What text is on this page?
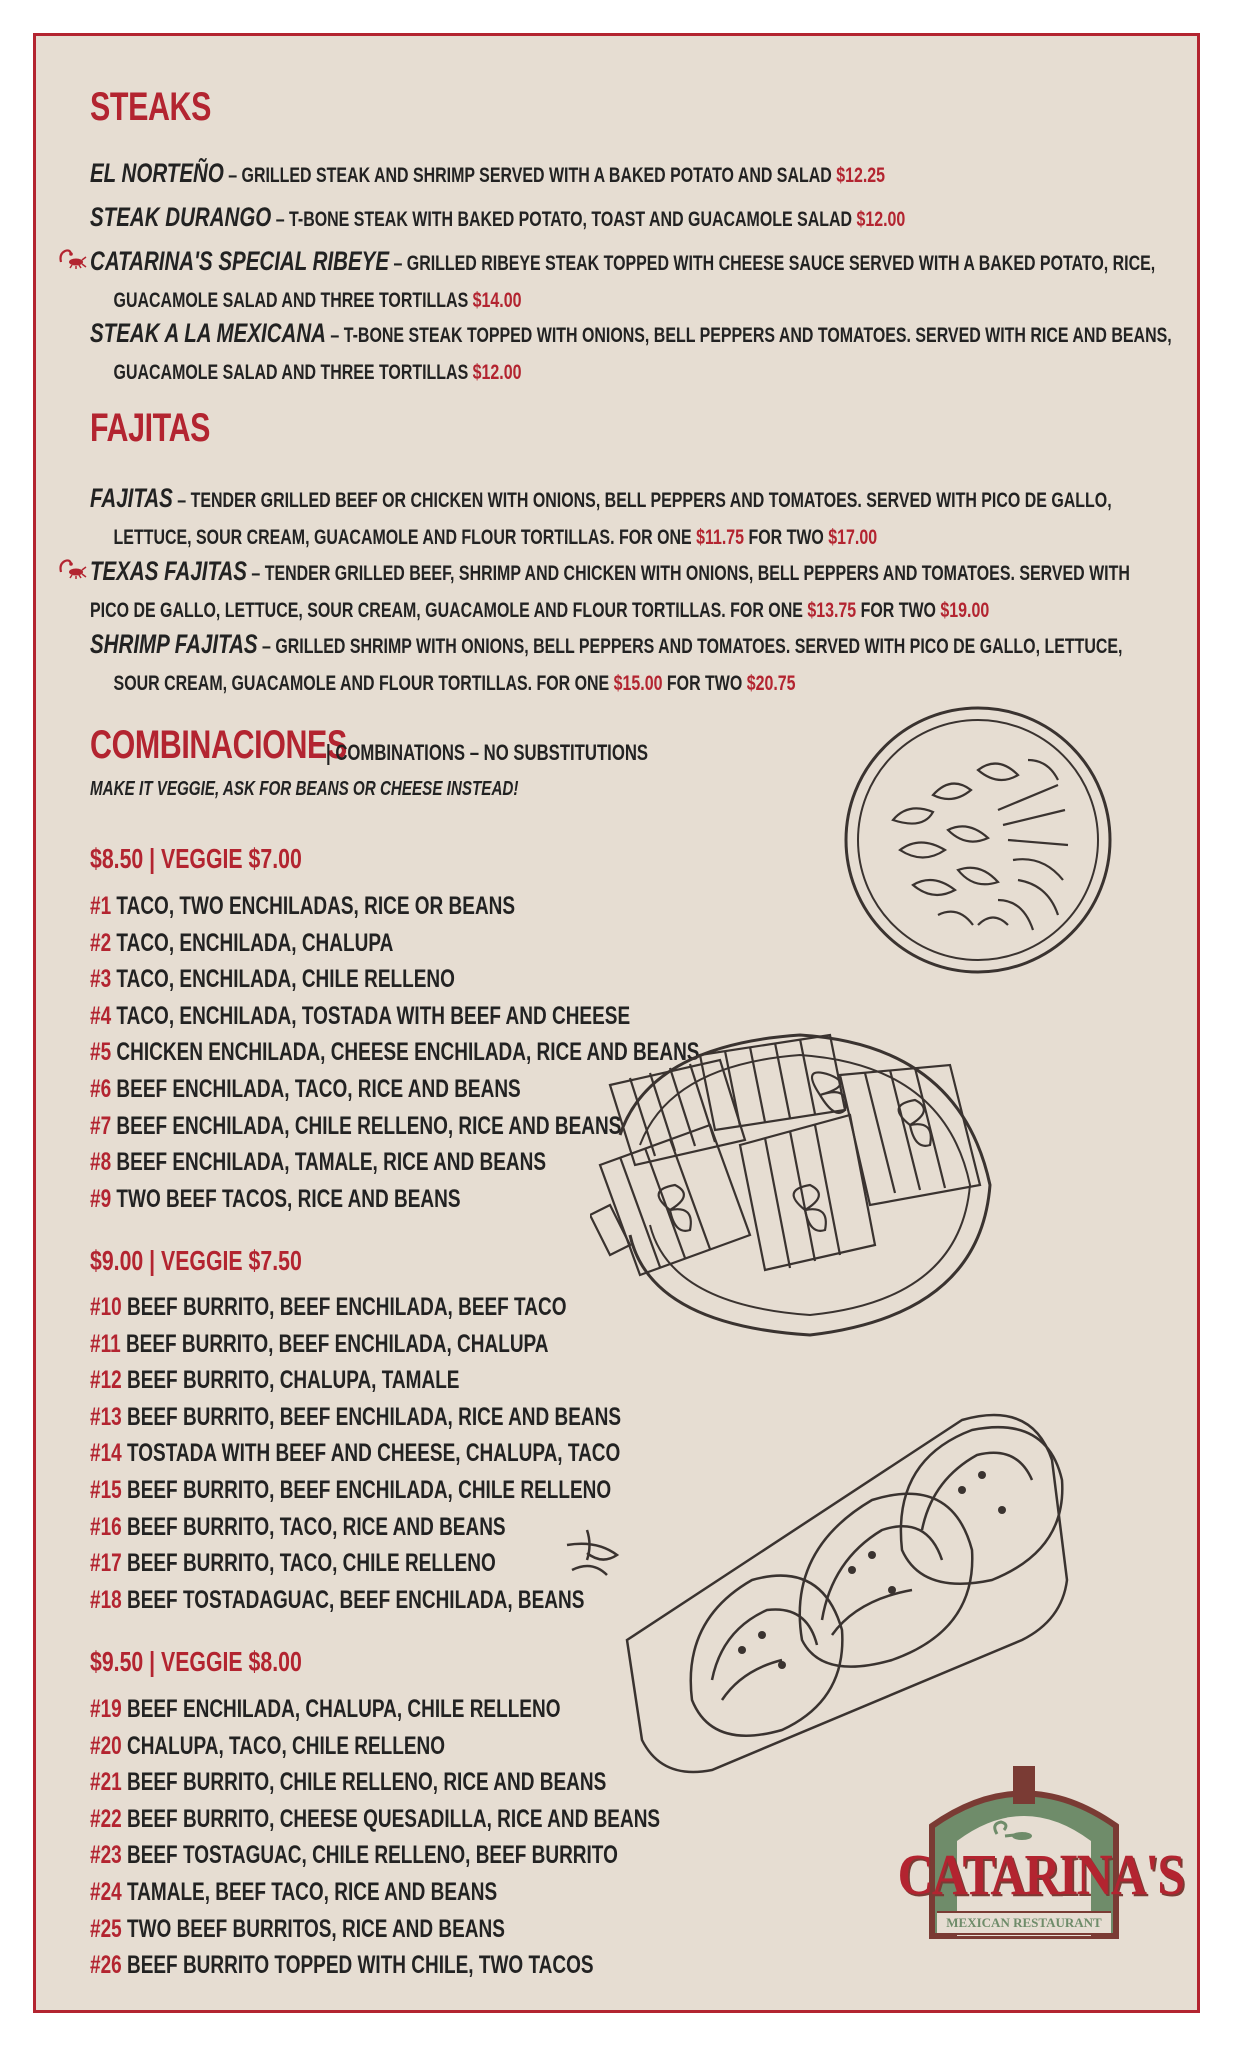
STEAKS
EL NORTEÑO – GRILLED STEAK AND SHRIMP SERVED WITH A BAKED POTATO AND SALAD $12.25
STEAK DURANGO – T-BONE STEAK WITH BAKED POTATO, TOAST AND GUACAMOLE SALAD $12.00
CATARINA'S SPECIAL RIBEYE – GRILLED RIBEYE STEAK TOPPED WITH CHEESE SAUCE SERVED WITH A BAKED POTATO, RICE,
GUACAMOLE SALAD AND THREE TORTILLAS $14.00
STEAK A LA MEXICANA – T-BONE STEAK TOPPED WITH ONIONS, BELL PEPPERS AND TOMATOES. SERVED WITH RICE AND BEANS,
GUACAMOLE SALAD AND THREE TORTILLAS $12.00
FAJITAS
FAJITAS – TENDER GRILLED BEEF OR CHICKEN WITH ONIONS, BELL PEPPERS AND TOMATOES. SERVED WITH PICO DE GALLO,
LETTUCE, SOUR CREAM, GUACAMOLE AND FLOUR TORTILLAS. FOR ONE $11.75 FOR TWO $17.00
TEXAS FAJITAS – TENDER GRILLED BEEF, SHRIMP AND CHICKEN WITH ONIONS, BELL PEPPERS AND TOMATOES. SERVED WITH
PICO DE GALLO, LETTUCE, SOUR CREAM, GUACAMOLE AND FLOUR TORTILLAS. FOR ONE $13.75 FOR TWO $19.00
SHRIMP FAJITAS – GRILLED SHRIMP WITH ONIONS, BELL PEPPERS AND TOMATOES. SERVED WITH PICO DE GALLO, LETTUCE,
SOUR CREAM, GUACAMOLE AND FLOUR TORTILLAS. FOR ONE $15.00 FOR TWO $20.75
COMBINACIONES
| COMBINATIONS – NO SUBSTITUTIONS
MAKE IT VEGGIE, ASK FOR BEANS OR CHEESE INSTEAD!
$8.50 | VEGGIE $7.00
#1 TACO, TWO ENCHILADAS, RICE OR BEANS
#2 TACO, ENCHILADA, CHALUPA
#3 TACO, ENCHILADA, CHILE RELLENO
#4 TACO, ENCHILADA, TOSTADA WITH BEEF AND CHEESE
#5 CHICKEN ENCHILADA, CHEESE ENCHILADA, RICE AND BEANS
#6 BEEF ENCHILADA, TACO, RICE AND BEANS
#7 BEEF ENCHILADA, CHILE RELLENO, RICE AND BEANS
#8 BEEF ENCHILADA, TAMALE, RICE AND BEANS
#9 TWO BEEF TACOS, RICE AND BEANS
$9.00 | VEGGIE $7.50
#10 BEEF BURRITO, BEEF ENCHILADA, BEEF TACO
#11 BEEF BURRITO, BEEF ENCHILADA, CHALUPA
#12 BEEF BURRITO, CHALUPA, TAMALE
#13 BEEF BURRITO, BEEF ENCHILADA, RICE AND BEANS
#14 TOSTADA WITH BEEF AND CHEESE, CHALUPA, TACO
#15 BEEF BURRITO, BEEF ENCHILADA, CHILE RELLENO
#16 BEEF BURRITO, TACO, RICE AND BEANS
#17 BEEF BURRITO, TACO, CHILE RELLENO
#18 BEEF TOSTADAGUAC, BEEF ENCHILADA, BEANS
$9.50 | VEGGIE $8.00
#19 BEEF ENCHILADA, CHALUPA, CHILE RELLENO
#20 CHALUPA, TACO, CHILE RELLENO
#21 BEEF BURRITO, CHILE RELLENO, RICE AND BEANS
#22 BEEF BURRITO, CHEESE QUESADILLA, RICE AND BEANS
#23 BEEF TOSTAGUAC, CHILE RELLENO, BEEF BURRITO
#24 TAMALE, BEEF TACO, RICE AND BEANS
#25 TWO BEEF BURRITOS, RICE AND BEANS
#26 BEEF BURRITO TOPPED WITH CHILE, TWO TACOS
CATARINA'S
MEXICAN RESTAURANT
